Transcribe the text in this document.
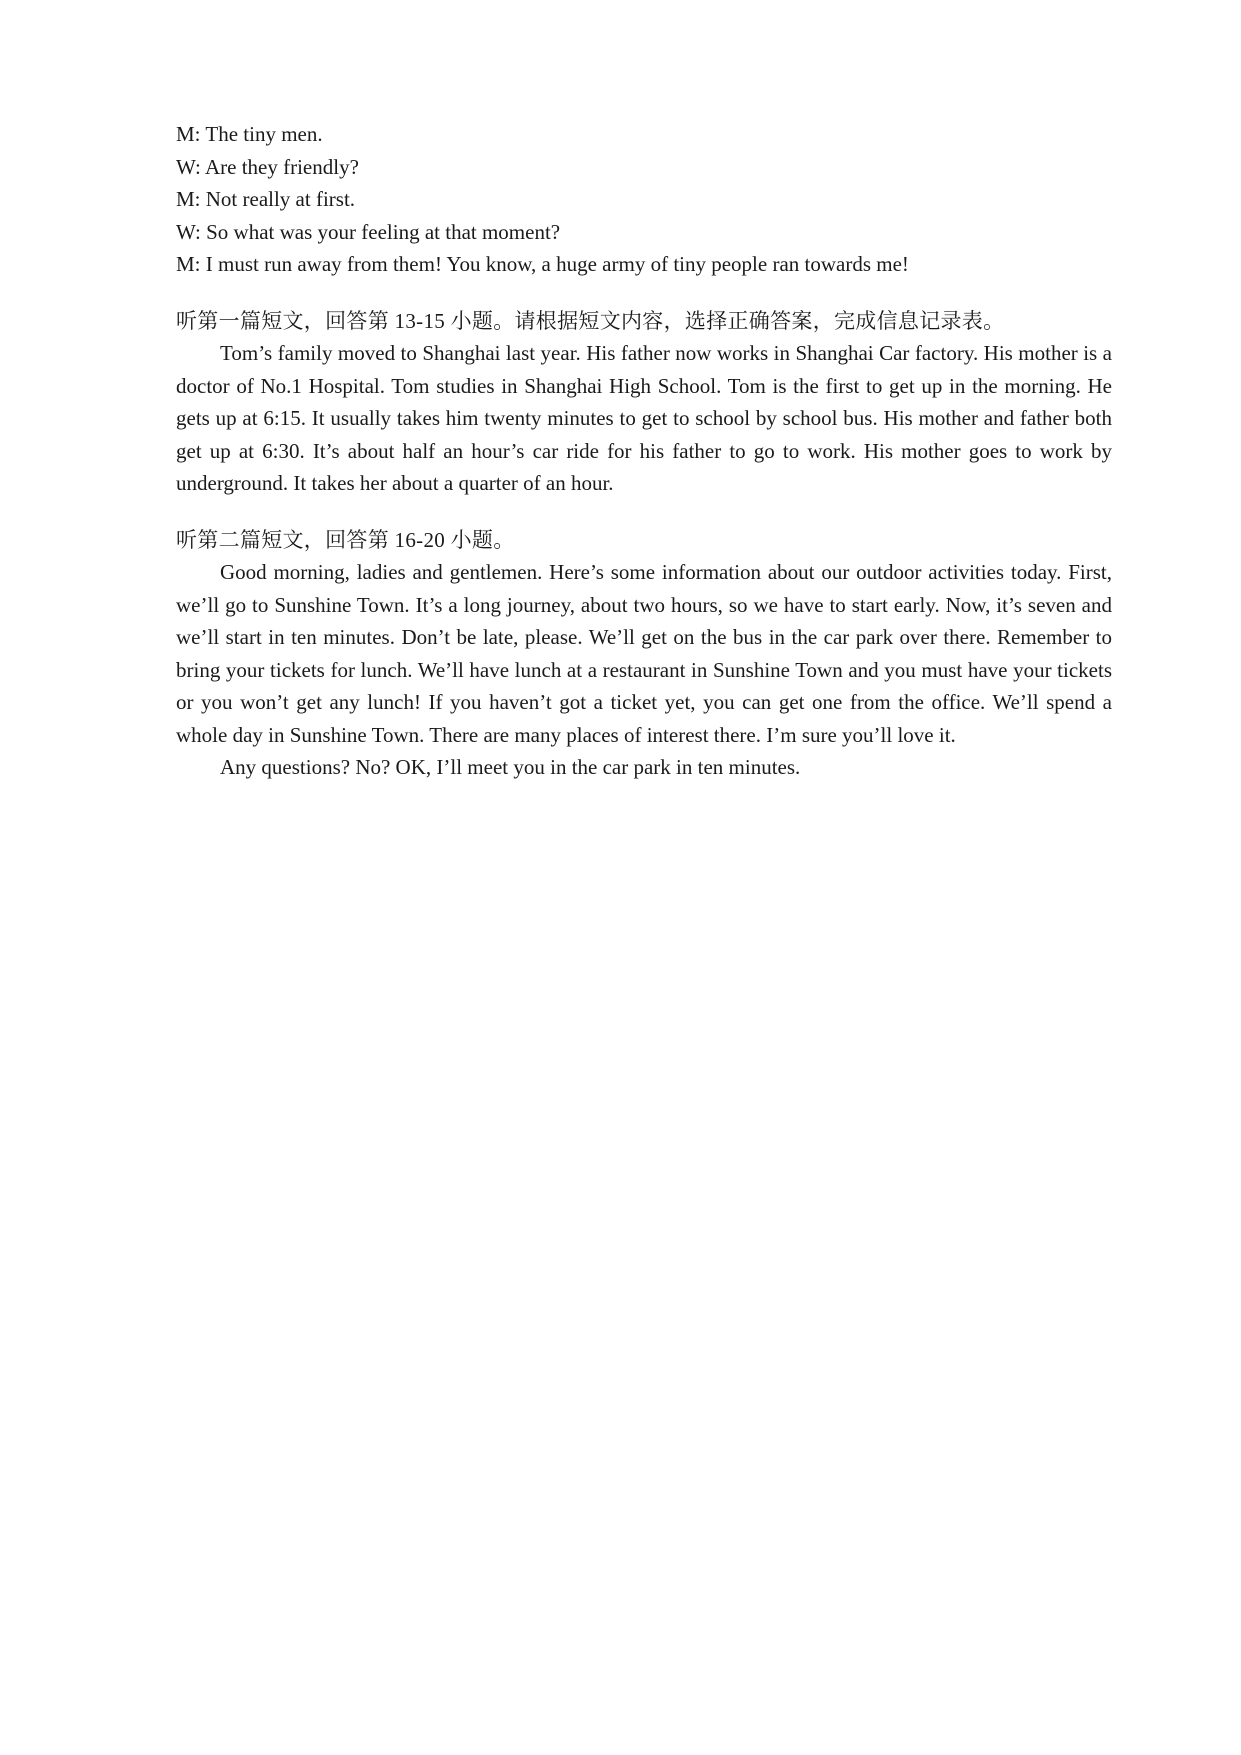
M: The tiny men.

W: Are they friendly?

M: Not really at first.

W: So what was your feeling at that moment?

M: I must run away from them! You know, a huge army of tiny people ran towards me!

听第一篇短文，回答第 13-15 小题。请根据短文内容，选择正确答案，完成信息记录表。

Tom’s family moved to Shanghai last year. His father now works in Shanghai Car factory. His mother is a doctor of No.1 Hospital. Tom studies in Shanghai High School. Tom is the first to get up in the morning. He gets up at 6:15. It usually takes him twenty minutes to get to school by school bus. His mother and father both get up at 6:30. It’s about half an hour’s car ride for his father to go to work. His mother goes to work by underground. It takes her about a quarter of an hour.

听第二篇短文，回答第 16-20 小题。

Good morning, ladies and gentlemen. Here’s some information about our outdoor activities today. First, we’ll go to Sunshine Town. It’s a long journey, about two hours, so we have to start early. Now, it’s seven and we’ll start in ten minutes. Don’t be late, please. We’ll get on the bus in the car park over there. Remember to bring your tickets for lunch. We’ll have lunch at a restaurant in Sunshine Town and you must have your tickets or you won’t get any lunch! If you haven’t got a ticket yet, you can get one from the office. We’ll spend a whole day in Sunshine Town. There are many places of interest there. I’m sure you’ll love it.

Any questions? No? OK, I’ll meet you in the car park in ten minutes.
